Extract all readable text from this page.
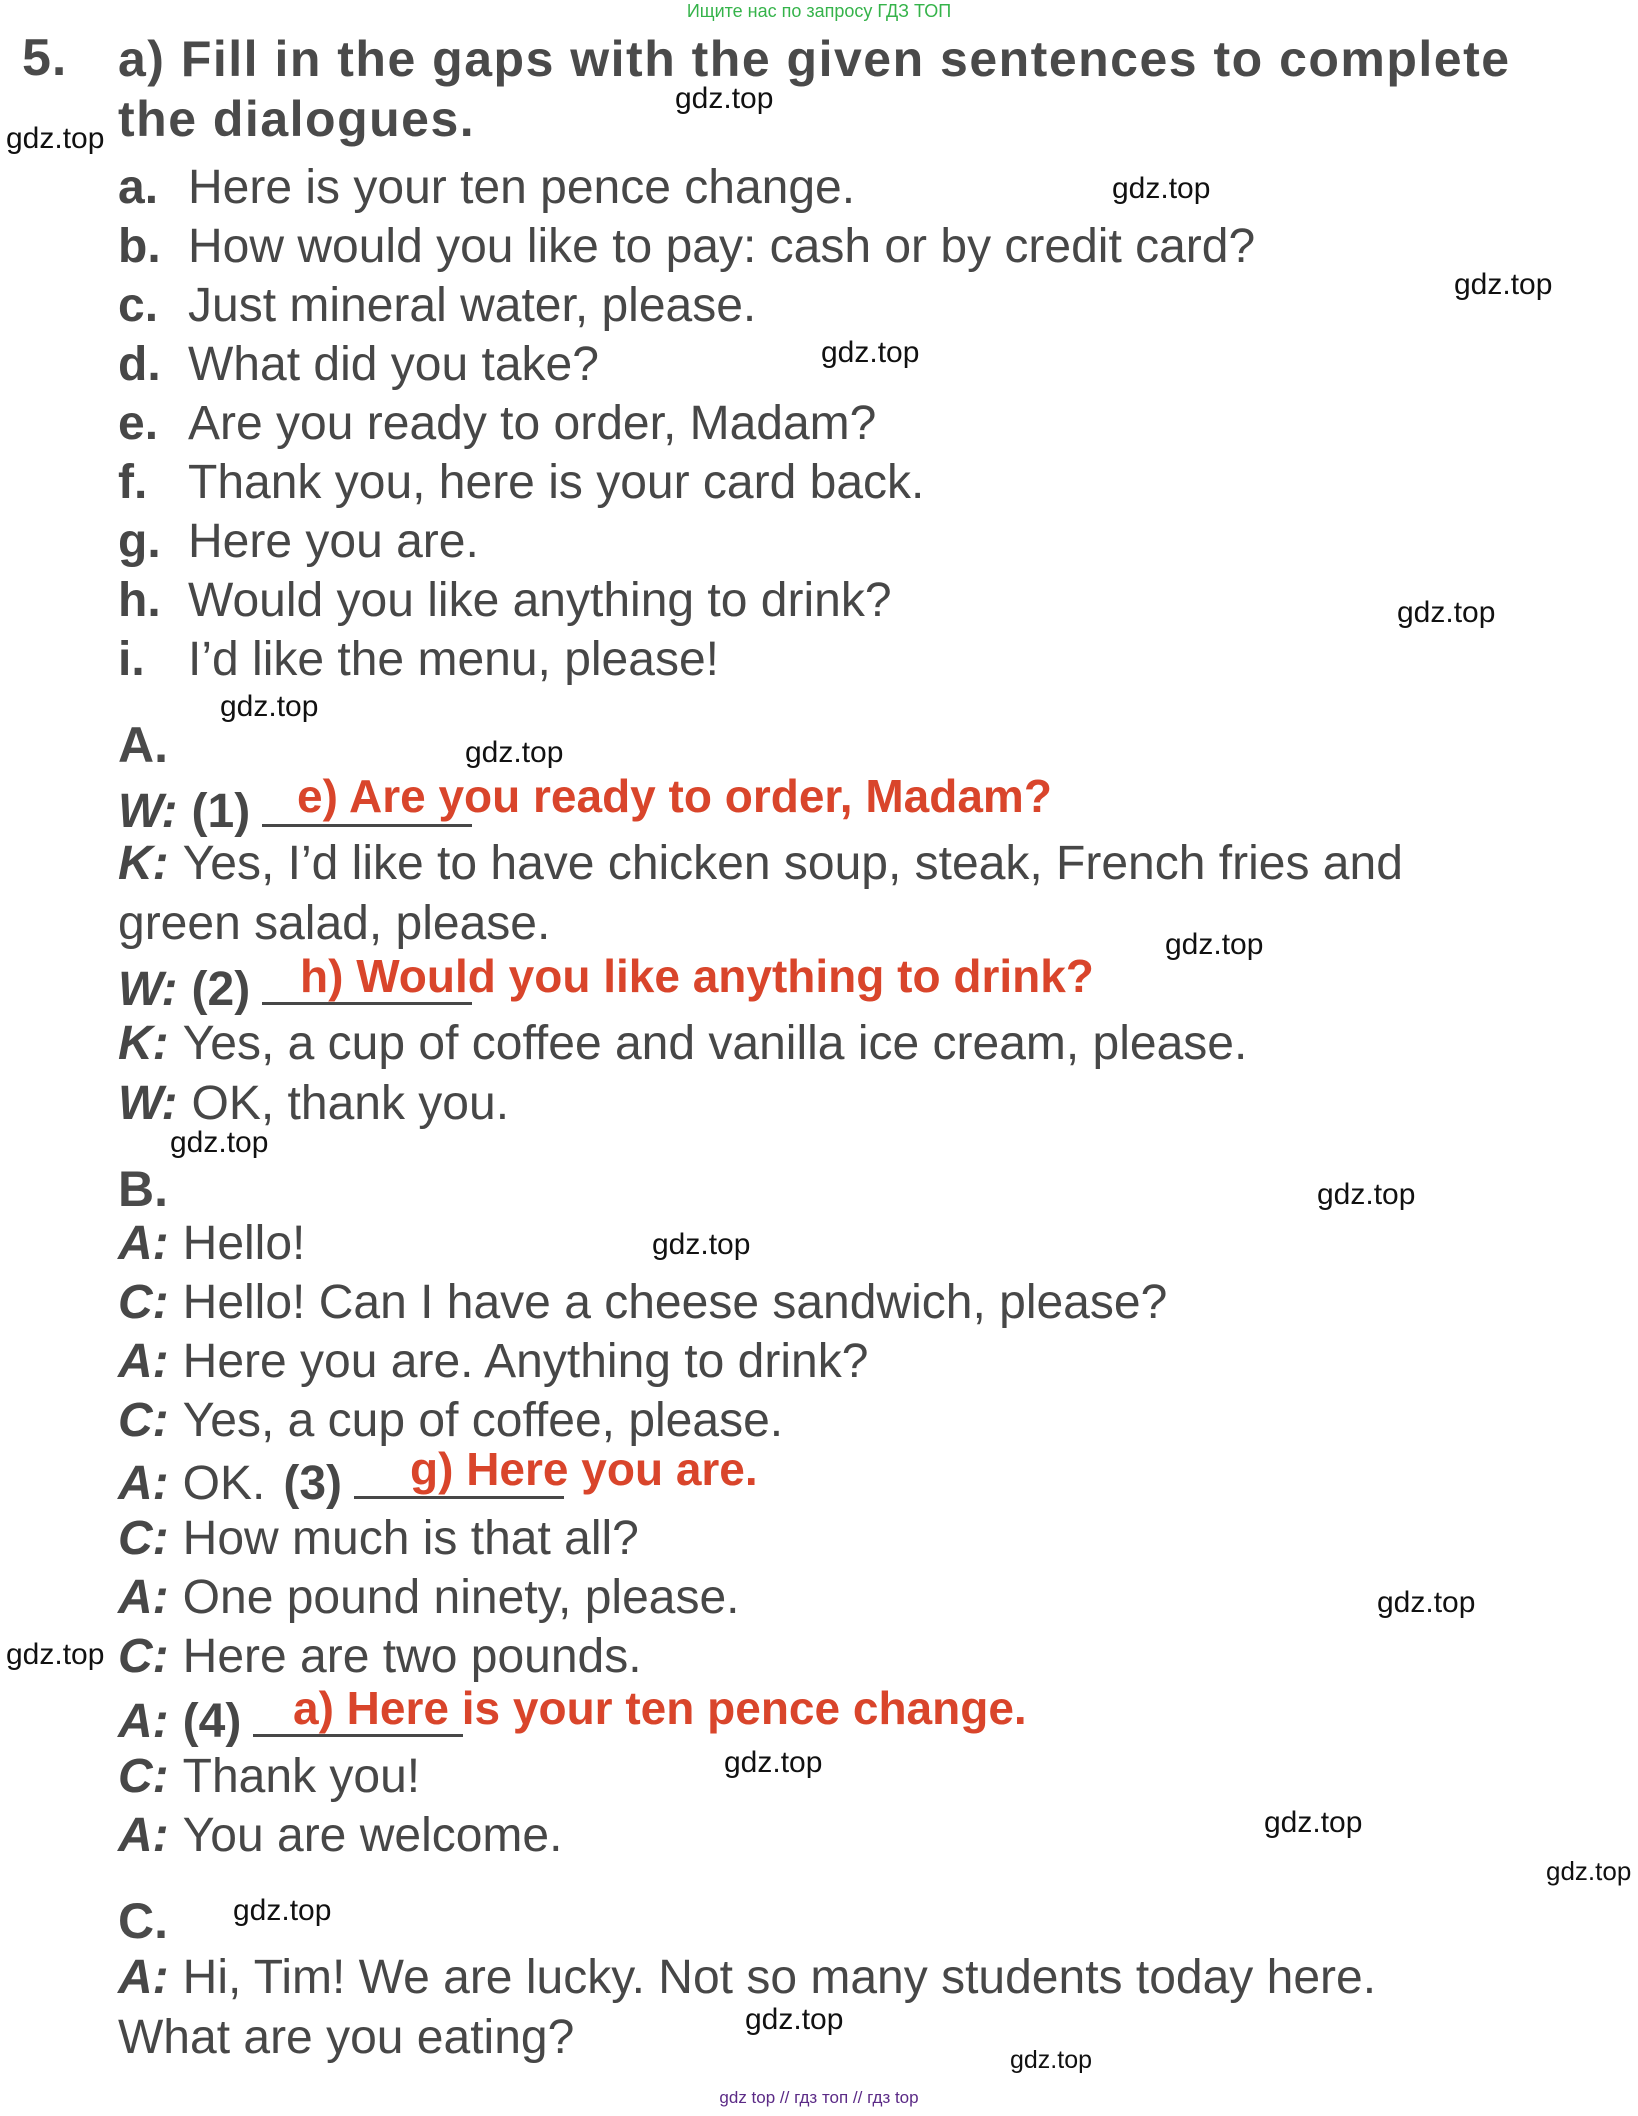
Ищите нас по запросу ГДЗ ТОП
5. a) Fill in the gaps with the given sentences to complete
the dialogues.
a. Here is your ten pence change.
b. How would you like to pay: cash or by credit card?
c. Just mineral water, please.
d. What did you take?
e. Are you ready to order, Madam?
f. Thank you, here is your card back.
g. Here you are.
h. Would you like anything to drink?
i. I’d like the menu, please!
A.
W: (1)	e) Are you ready to order, Madam?
K: Yes, I’d like to have chicken soup, steak, French fries and
green salad, please.
W: (2)	h) Would you like anything to drink?
K: Yes, a cup of coffee and vanilla ice cream, please.
W: OK, thank you.
B.
A: Hello!
C: Hello! Can I have a cheese sandwich, please?
A: Here you are. Anything to drink?
C: Yes, a cup of coffee, please.
A: OK. (3)	g) Here you are.
C: How much is that all?
A: One pound ninety, please.
C: Here are two pounds.
A: (4)	a) Here is your ten pence change.
C: Thank you!
A: You are welcome.
C.
A: Hi, Tim! We are lucky. Not so many students today here.
What are you eating?
gdz.top
gdz.top
gdz.top
gdz.top
gdz.top
gdz.top
gdz.top
gdz.top
gdz.top
gdz.top
gdz.top
gdz.top
gdz.top
gdz.top
gdz.top
gdz.top
gdz.top
gdz.top
gdz.top
gdz.top
gdz top // гдз топ // гдз top
